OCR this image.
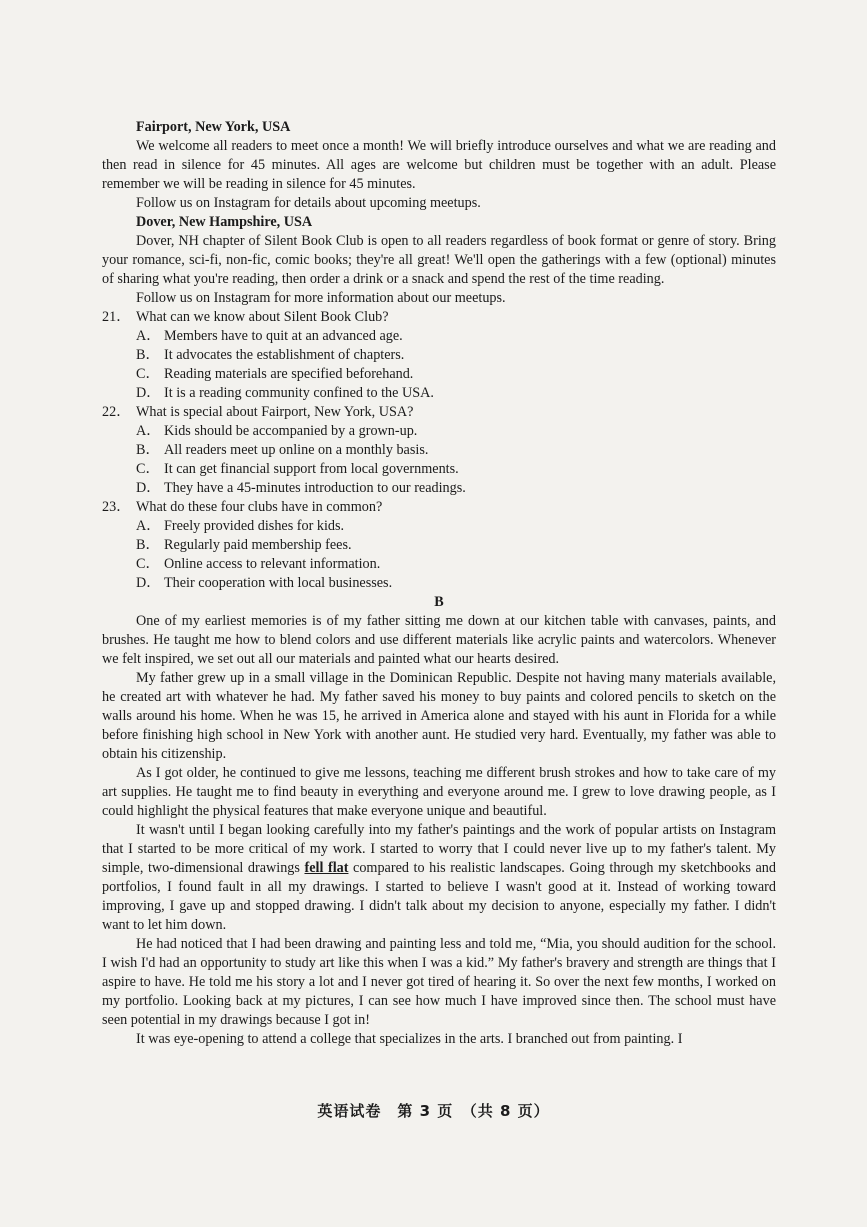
Fairport, New York, USA

We welcome all readers to meet once a month! We will briefly introduce ourselves and what we are reading and then read in silence for 45 minutes. All ages are welcome but children must be together with an adult. Please remember we will be reading in silence for 45 minutes.

Follow us on Instagram for details about upcoming meetups.

Dover, New Hampshire, USA

Dover, NH chapter of Silent Book Club is open to all readers regardless of book format or genre of story. Bring your romance, sci-fi, non-fic, comic books; they're all great! We'll open the gatherings with a few (optional) minutes of sharing what you're reading, then order a drink or a snack and spend the rest of the time reading.

Follow us on Instagram for more information about our meetups.

21． What can we know about Silent Book Club?

A． Members have to quit at an advanced age.

B． It advocates the establishment of chapters.

C． Reading materials are specified beforehand.

D． It is a reading community confined to the USA.

22． What is special about Fairport, New York, USA?

A． Kids should be accompanied by a grown-up.

B． All readers meet up online on a monthly basis.

C． It can get financial support from local governments.

D． They have a 45-minutes introduction to our readings.

23． What do these four clubs have in common?

A． Freely provided dishes for kids.

B． Regularly paid membership fees.

C． Online access to relevant information.

D． Their cooperation with local businesses.

B

One of my earliest memories is of my father sitting me down at our kitchen table with canvases, paints, and brushes. He taught me how to blend colors and use different materials like acrylic paints and watercolors. Whenever we felt inspired, we set out all our materials and painted what our hearts desired.

My father grew up in a small village in the Dominican Republic. Despite not having many materials available, he created art with whatever he had. My father saved his money to buy paints and colored pencils to sketch on the walls around his home. When he was 15, he arrived in America alone and stayed with his aunt in Florida for a while before finishing high school in New York with another aunt. He studied very hard. Eventually, my father was able to obtain his citizenship.

As I got older, he continued to give me lessons, teaching me different brush strokes and how to take care of my art supplies. He taught me to find beauty in everything and everyone around me. I grew to love drawing people, as I could highlight the physical features that make everyone unique and beautiful.

It wasn't until I began looking carefully into my father's paintings and the work of popular artists on Instagram that I started to be more critical of my work. I started to worry that I could never live up to my father's talent. My simple, two-dimensional drawings fell flat compared to his realistic landscapes. Going through my sketchbooks and portfolios, I found fault in all my drawings. I started to believe I wasn't good at it. Instead of working toward improving, I gave up and stopped drawing. I didn't talk about my decision to anyone, especially my father. I didn't want to let him down.

He had noticed that I had been drawing and painting less and told me, “Mia, you should audition for the school. I wish I'd had an opportunity to study art like this when I was a kid.” My father's bravery and strength are things that I aspire to have. He told me his story a lot and I never got tired of hearing it. So over the next few months, I worked on my portfolio. Looking back at my pictures, I can see how much I have improved since then. The school must have seen potential in my drawings because I got in!

It was eye-opening to attend a college that specializes in the arts. I branched out from painting. I

英语试卷　第 3 页　（共 8 页）
